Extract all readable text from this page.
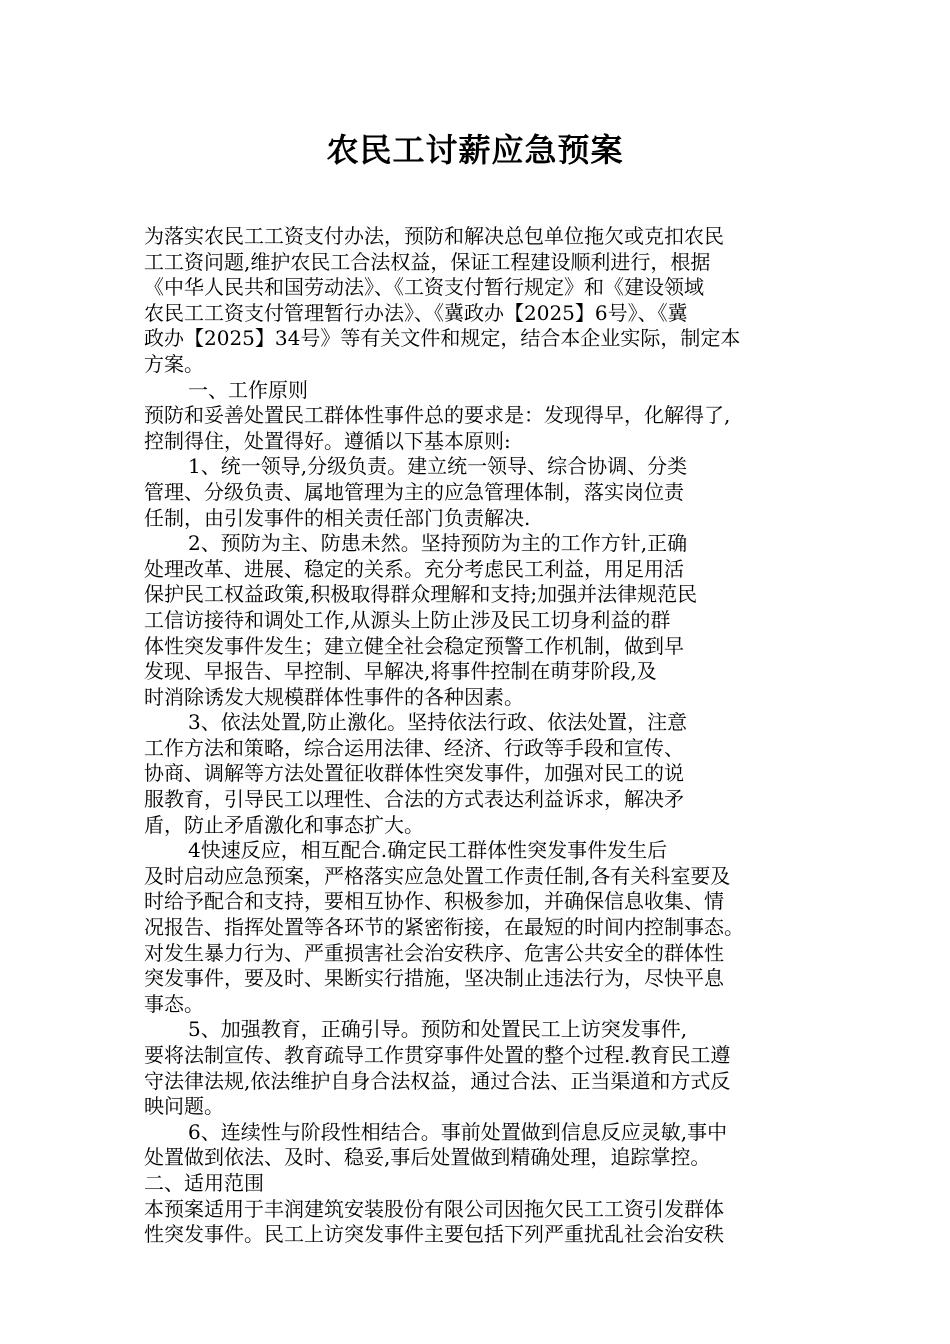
农民工讨薪应急预案
为落实农民工工资支付办法，预防和解决总包单位拖欠或克扣农民
工工资问题,维护农民工合法权益，保证工程建设顺利进行，根据
《中华人民共和国劳动法》、《工资支付暂行规定》和《建设领域
农民工工资支付管理暂行办法》、《冀政办【2025】6号》、《冀
政办【2025】34号》等有关文件和规定，结合本企业实际，制定本
方案。
一、工作原则
预防和妥善处置民工群体性事件总的要求是：发现得早，化解得了,
控制得住，处置得好。遵循以下基本原则:
1、统一领导,分级负责。建立统一领导、综合协调、分类
管理、分级负责、属地管理为主的应急管理体制，落实岗位责
任制，由引发事件的相关责任部门负责解决.
2、预防为主、防患未然。坚持预防为主的工作方针,正确
处理改革、进展、稳定的关系。充分考虑民工利益，用足用活
保护民工权益政策,积极取得群众理解和支持;加强并法律规范民
工信访接待和调处工作,从源头上防止涉及民工切身利益的群
体性突发事件发生；建立健全社会稳定预警工作机制，做到早
发现、早报告、早控制、早解决,将事件控制在萌芽阶段,及
时消除诱发大规模群体性事件的各种因素。
3、依法处置,防止激化。坚持依法行政、依法处置，注意
工作方法和策略，综合运用法律、经济、行政等手段和宣传、
协商、调解等方法处置征收群体性突发事件，加强对民工的说
服教育，引导民工以理性、合法的方式表达利益诉求，解决矛
盾，防止矛盾激化和事态扩大。
4快速反应，相互配合.确定民工群体性突发事件发生后
及时启动应急预案，严格落实应急处置工作责任制,各有关科室要及
时给予配合和支持，要相互协作、积极参加，并确保信息收集、情
况报告、指挥处置等各环节的紧密衔接，在最短的时间内控制事态。
对发生暴力行为、严重损害社会治安秩序、危害公共安全的群体性
突发事件，要及时、果断实行措施，坚决制止违法行为，尽快平息
事态。
5、加强教育，正确引导。预防和处置民工上访突发事件,
要将法制宣传、教育疏导工作贯穿事件处置的整个过程.教育民工遵
守法律法规,依法维护自身合法权益，通过合法、正当渠道和方式反
映问题。
6、连续性与阶段性相结合。事前处置做到信息反应灵敏,事中
处置做到依法、及时、稳妥,事后处置做到精确处理，追踪掌控。
二、适用范围
本预案适用于丰润建筑安装股份有限公司因拖欠民工工资引发群体
性突发事件。民工上访突发事件主要包括下列严重扰乱社会治安秩
